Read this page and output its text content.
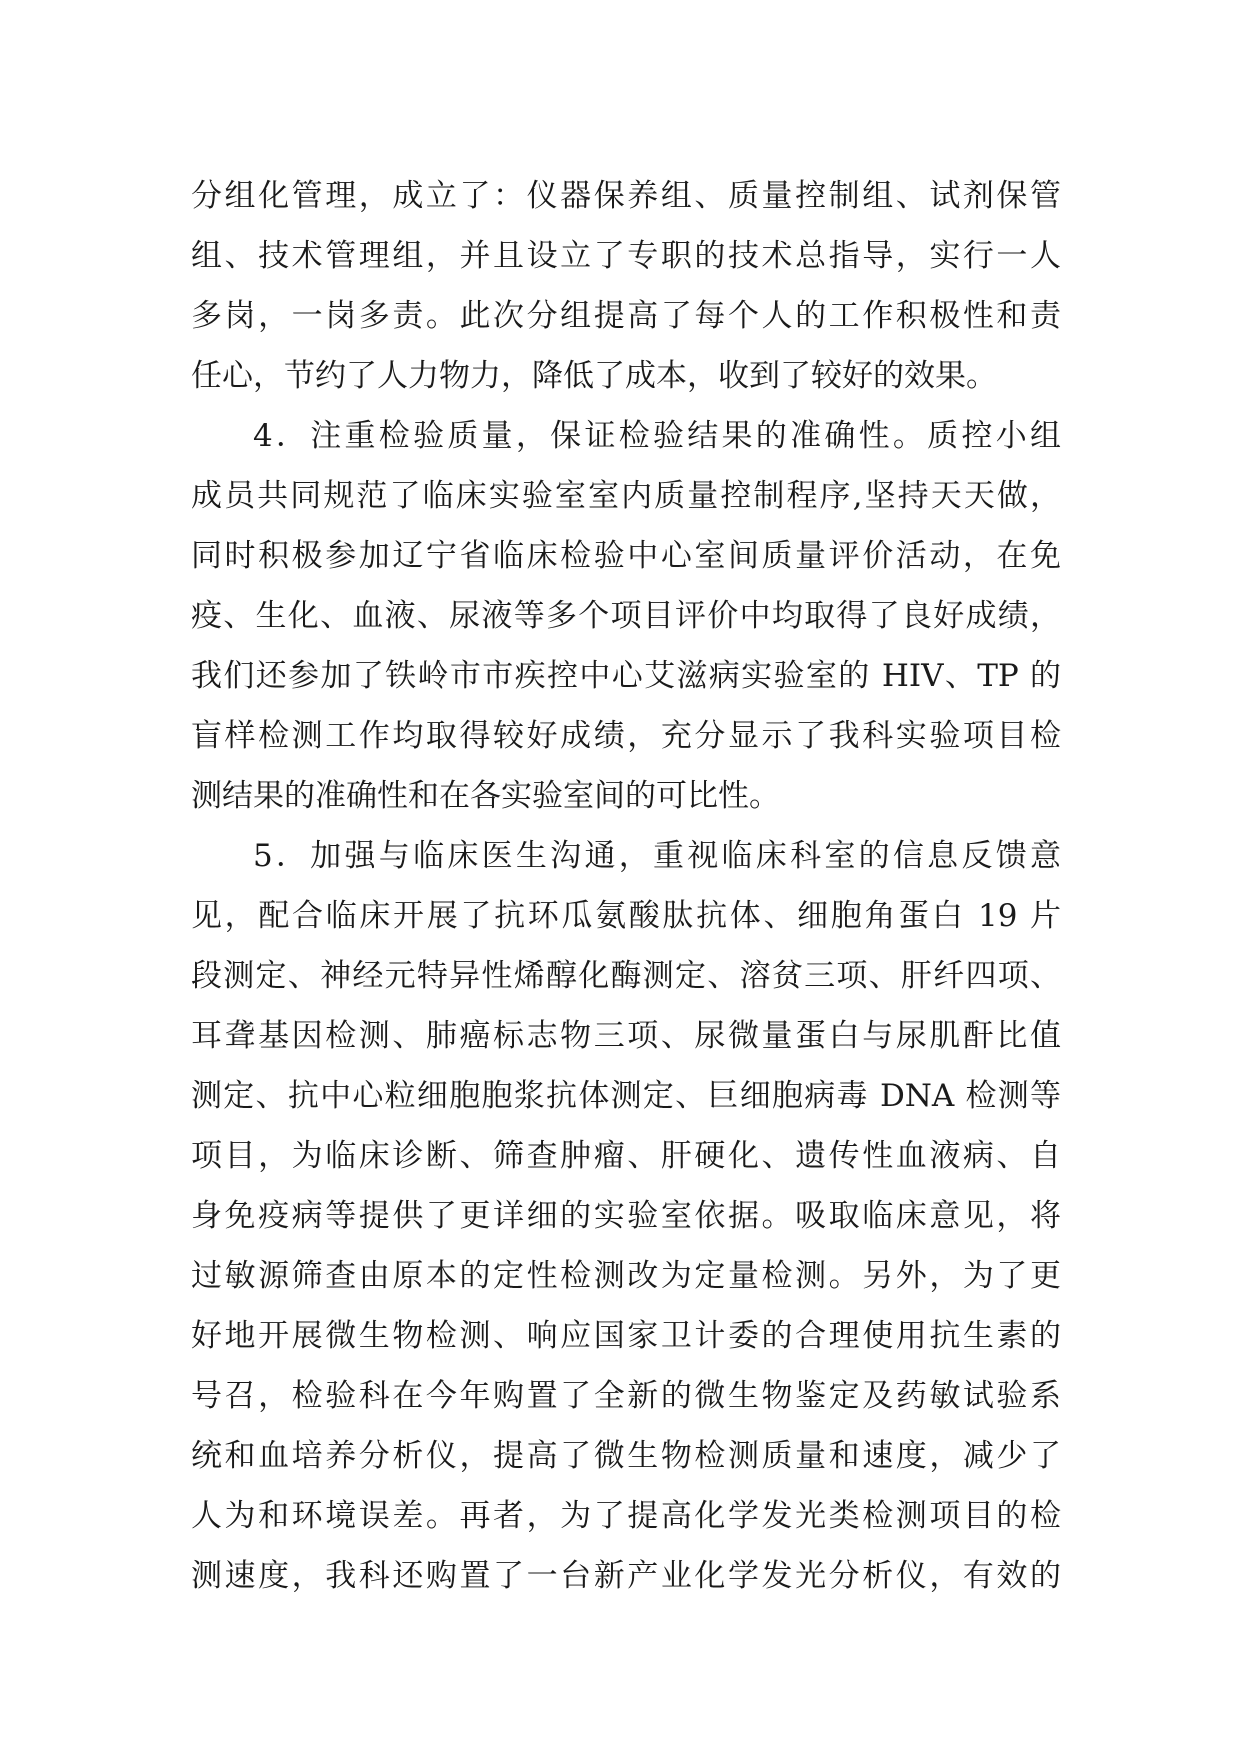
分组化管理，成立了：仪器保养组、质量控制组、试剂保管
组、技术管理组，并且设立了专职的技术总指导，实行一人
多岗，一岗多责。此次分组提高了每个人的工作积极性和责
任心，节约了人力物力，降低了成本，收到了较好的效果。
4．注重检验质量，保证检验结果的准确性。质控小组
成员共同规范了临床实验室室内质量控制程序,坚持天天做，
同时积极参加辽宁省临床检验中心室间质量评价活动，在免
疫、生化、血液、尿液等多个项目评价中均取得了良好成绩，
我们还参加了铁岭市市疾控中心艾滋病实验室的 HIV、TP 的
盲样检测工作均取得较好成绩，充分显示了我科实验项目检
测结果的准确性和在各实验室间的可比性。
5．加强与临床医生沟通，重视临床科室的信息反馈意
见，配合临床开展了抗环瓜氨酸肽抗体、细胞角蛋白 19 片
段测定、神经元特异性烯醇化酶测定、溶贫三项、肝纤四项、
耳聋基因检测、肺癌标志物三项、尿微量蛋白与尿肌酐比值
测定、抗中心粒细胞胞浆抗体测定、巨细胞病毒 DNA 检测等
项目，为临床诊断、筛查肿瘤、肝硬化、遗传性血液病、自
身免疫病等提供了更详细的实验室依据。吸取临床意见，将
过敏源筛查由原本的定性检测改为定量检测。另外，为了更
好地开展微生物检测、响应国家卫计委的合理使用抗生素的
号召，检验科在今年购置了全新的微生物鉴定及药敏试验系
统和血培养分析仪，提高了微生物检测质量和速度，减少了
人为和环境误差。再者，为了提高化学发光类检测项目的检
测速度，我科还购置了一台新产业化学发光分析仪，有效的
